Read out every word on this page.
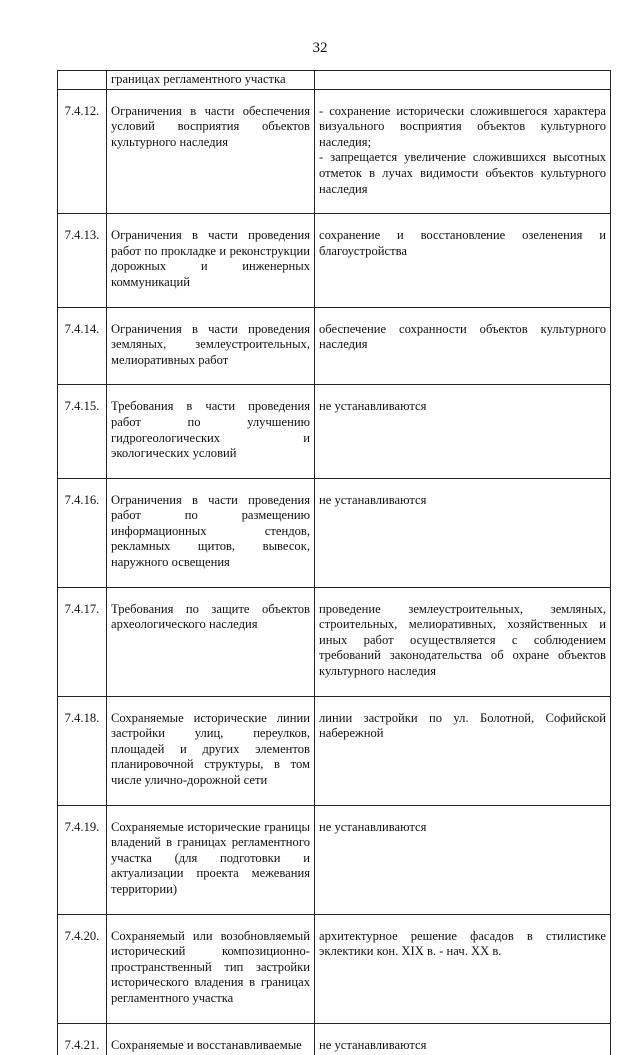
32
	границах регламентного участка	
7.4.12.	Ограничения в части обеспечения условий восприятия объектов культурного наследия	- сохранение исторически сложившегося характера визуального восприятия объектов культурного наследия;
- запрещается увеличение сложившихся высотных отметок в лучах видимости объектов культурного наследия
7.4.13.	Ограничения в части проведения работ по прокладке и реконструкции дорожных и инженерных коммуникаций	сохранение и восстановление озеленения и благоустройства
7.4.14.	Ограничения в части проведения земляных, землеустроительных, мелиоративных работ	обеспечение сохранности объектов культурного наследия
7.4.15.	Требования в части проведения работ по улучшению гидрогеологических и экологических условий	не устанавливаются
7.4.16.	Ограничения в части проведения работ по размещению информационных стендов, рекламных щитов, вывесок, наружного освещения	не устанавливаются
7.4.17.	Требования по защите объектов археологического наследия	проведение землеустроительных, земляных, строительных, мелиоративных, хозяйственных и иных работ осуществляется с соблюдением требований законодательства об охране объектов культурного наследия
7.4.18.	Сохраняемые исторические линии застройки улиц, переулков, площадей и других элементов планировочной структуры, в том числе улично-дорожной сети	линии застройки по ул. Болотной, Софийской набережной
7.4.19.	Сохраняемые исторические границы владений в границах регламентного участка (для подготовки и актуализации проекта межевания территории)	не устанавливаются
7.4.20.	Сохраняемый или возобновляемый исторический композиционно-пространственный тип застройки исторического владения в границах регламентного участка	архитектурное решение фасадов в стилистике эклектики кон. XIX в. - нач. XX в.
7.4.21.	Сохраняемые и восстанавливаемые	не устанавливаются
